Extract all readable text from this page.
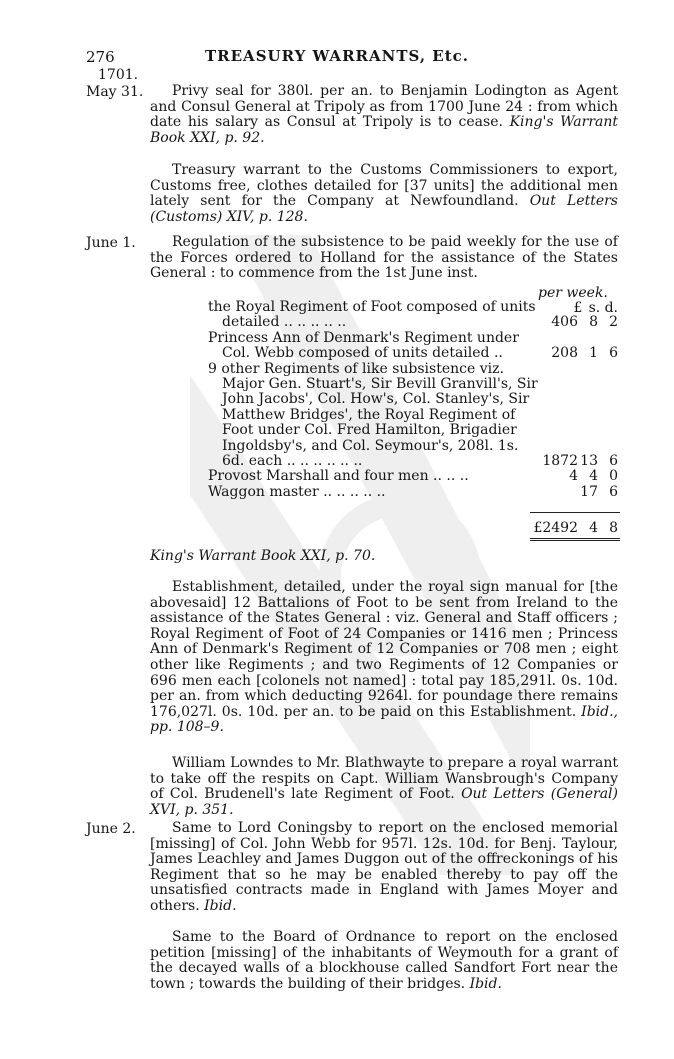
276	TREASURY WARRANTS, Etc.
1701.
May 31.	Privy seal for 380l. per an. to Benjamin Lodington as Agent and Consul General at Tripoly as from 1700 June 24 : from which date his salary as Consul at Tripoly is to cease. King's Warrant Book XXI, p. 92.
Treasury warrant to the Customs Commissioners to export, Customs free, clothes detailed for [37 units] the additional men lately sent for the Company at Newfoundland. Out Letters (Customs) XIV, p. 128.
June 1.	Regulation of the subsistence to be paid weekly for the use of the Forces ordered to Holland for the assistance of the States General : to commence from the 1st June inst.
per week.
£ s. d.
the Royal Regiment of Foot composed of units detailed .. .. .. .. ..	406 8 2
Princess Ann of Denmark's Regiment under Col. Webb composed of units detailed ..	208 1 6
9 other Regiments of like subsistence viz. Major Gen. Stuart's, Sir Bevill Granvill's, Sir John Jacobs', Col. How's, Col. Stanley's, Sir Matthew Bridges', the Royal Regiment of Foot under Col. Fred Hamilton, Brigadier Ingoldsby's, and Col. Seymour's, 208l. 1s. 6d. each .. .. .. .. .. ..	1872 13 6
Provost Marshall and four men .. .. ..	4 4 0
Waggon master .. .. .. .. ..	17 6
£2492 4 8
King's Warrant Book XXI, p. 70.
Establishment, detailed, under the royal sign manual for [the abovesaid] 12 Battalions of Foot to be sent from Ireland to the assistance of the States General : viz. General and Staff officers ; Royal Regiment of Foot of 24 Companies or 1416 men ; Princess Ann of Denmark's Regiment of 12 Companies or 708 men ; eight other like Regiments ; and two Regiments of 12 Companies or 696 men each [colonels not named] : total pay 185,291l. 0s. 10d. per an. from which deducting 9264l. for poundage there remains 176,027l. 0s. 10d. per an. to be paid on this Establishment. Ibid., pp. 108–9.
William Lowndes to Mr. Blathwayte to prepare a royal warrant to take off the respits on Capt. William Wansbrough's Company of Col. Brudenell's late Regiment of Foot. Out Letters (General) XVI, p. 351.
June 2.	Same to Lord Coningsby to report on the enclosed memorial [missing] of Col. John Webb for 957l. 12s. 10d. for Benj. Taylour, James Leachley and James Duggon out of the offreckonings of his Regiment that so he may be enabled thereby to pay off the unsatisfied contracts made in England with James Moyer and others. Ibid.
Same to the Board of Ordnance to report on the enclosed petition [missing] of the inhabitants of Weymouth for a grant of the decayed walls of a blockhouse called Sandfort Fort near the town ; towards the building of their bridges. Ibid.
